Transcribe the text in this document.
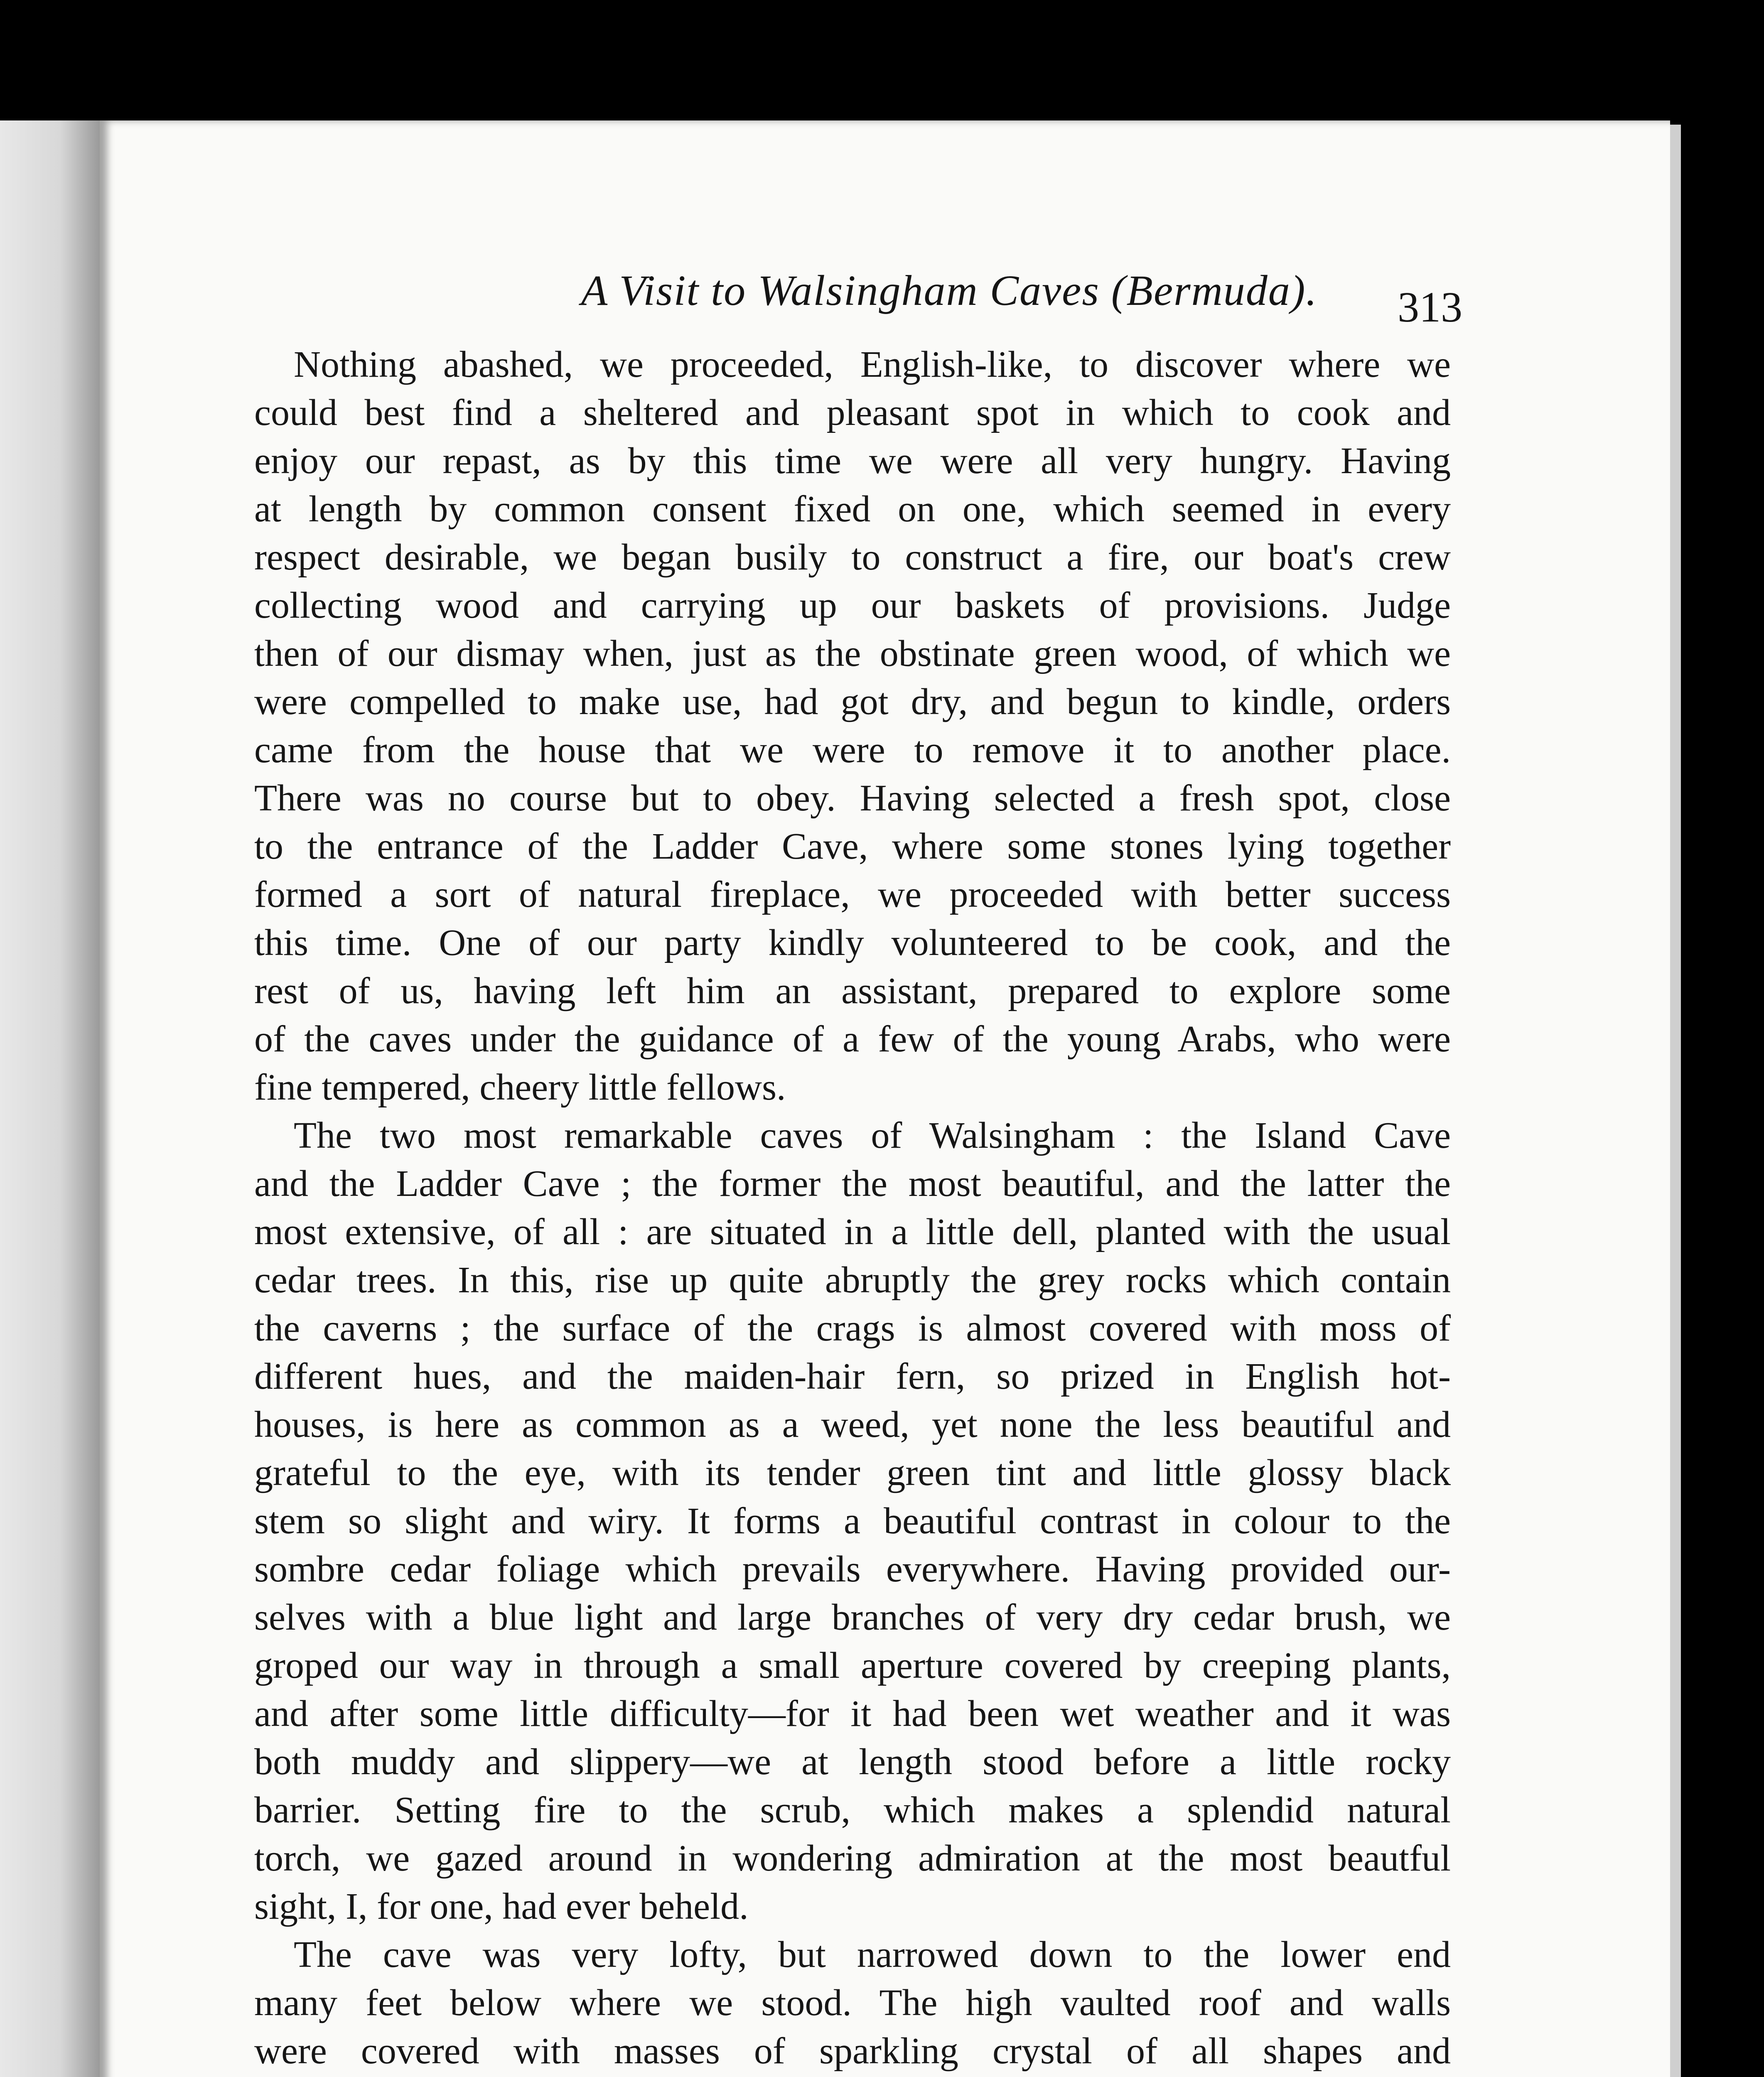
A Visit to Walsingham Caves (Bermuda).	313
Nothing abashed, we proceeded, English-like, to discover where we
could best find a sheltered and pleasant spot in which to cook and
enjoy our repast, as by this time we were all very hungry. Having
at length by common consent fixed on one, which seemed in every
respect desirable, we began busily to construct a fire, our boat's crew
collecting wood and carrying up our baskets of provisions. Judge
then of our dismay when, just as the obstinate green wood, of which we
were compelled to make use, had got dry, and begun to kindle, orders
came from the house that we were to remove it to another place.
There was no course but to obey. Having selected a fresh spot, close
to the entrance of the Ladder Cave, where some stones lying together
formed a sort of natural fireplace, we proceeded with better success
this time. One of our party kindly volunteered to be cook, and the
rest of us, having left him an assistant, prepared to explore some
of the caves under the guidance of a few of the young Arabs, who were
fine tempered, cheery little fellows.
The two most remarkable caves of Walsingham : the Island Cave
and the Ladder Cave ; the former the most beautiful, and the latter the
most extensive, of all : are situated in a little dell, planted with the usual
cedar trees. In this, rise up quite abruptly the grey rocks which contain
the caverns ; the surface of the crags is almost covered with moss of
different hues, and the maiden-hair fern, so prized in English hot-
houses, is here as common as a weed, yet none the less beautiful and
grateful to the eye, with its tender green tint and little glossy black
stem so slight and wiry. It forms a beautiful contrast in colour to the
sombre cedar foliage which prevails everywhere. Having provided our-
selves with a blue light and large branches of very dry cedar brush, we
groped our way in through a small aperture covered by creeping plants,
and after some little difficulty—for it had been wet weather and it was
both muddy and slippery—we at length stood before a little rocky
barrier. Setting fire to the scrub, which makes a splendid natural
torch, we gazed around in wondering admiration at the most beautful
sight, I, for one, had ever beheld.
The cave was very lofty, but narrowed down to the lower end
many feet below where we stood. The high vaulted roof and walls
were covered with masses of sparkling crystal of all shapes and
